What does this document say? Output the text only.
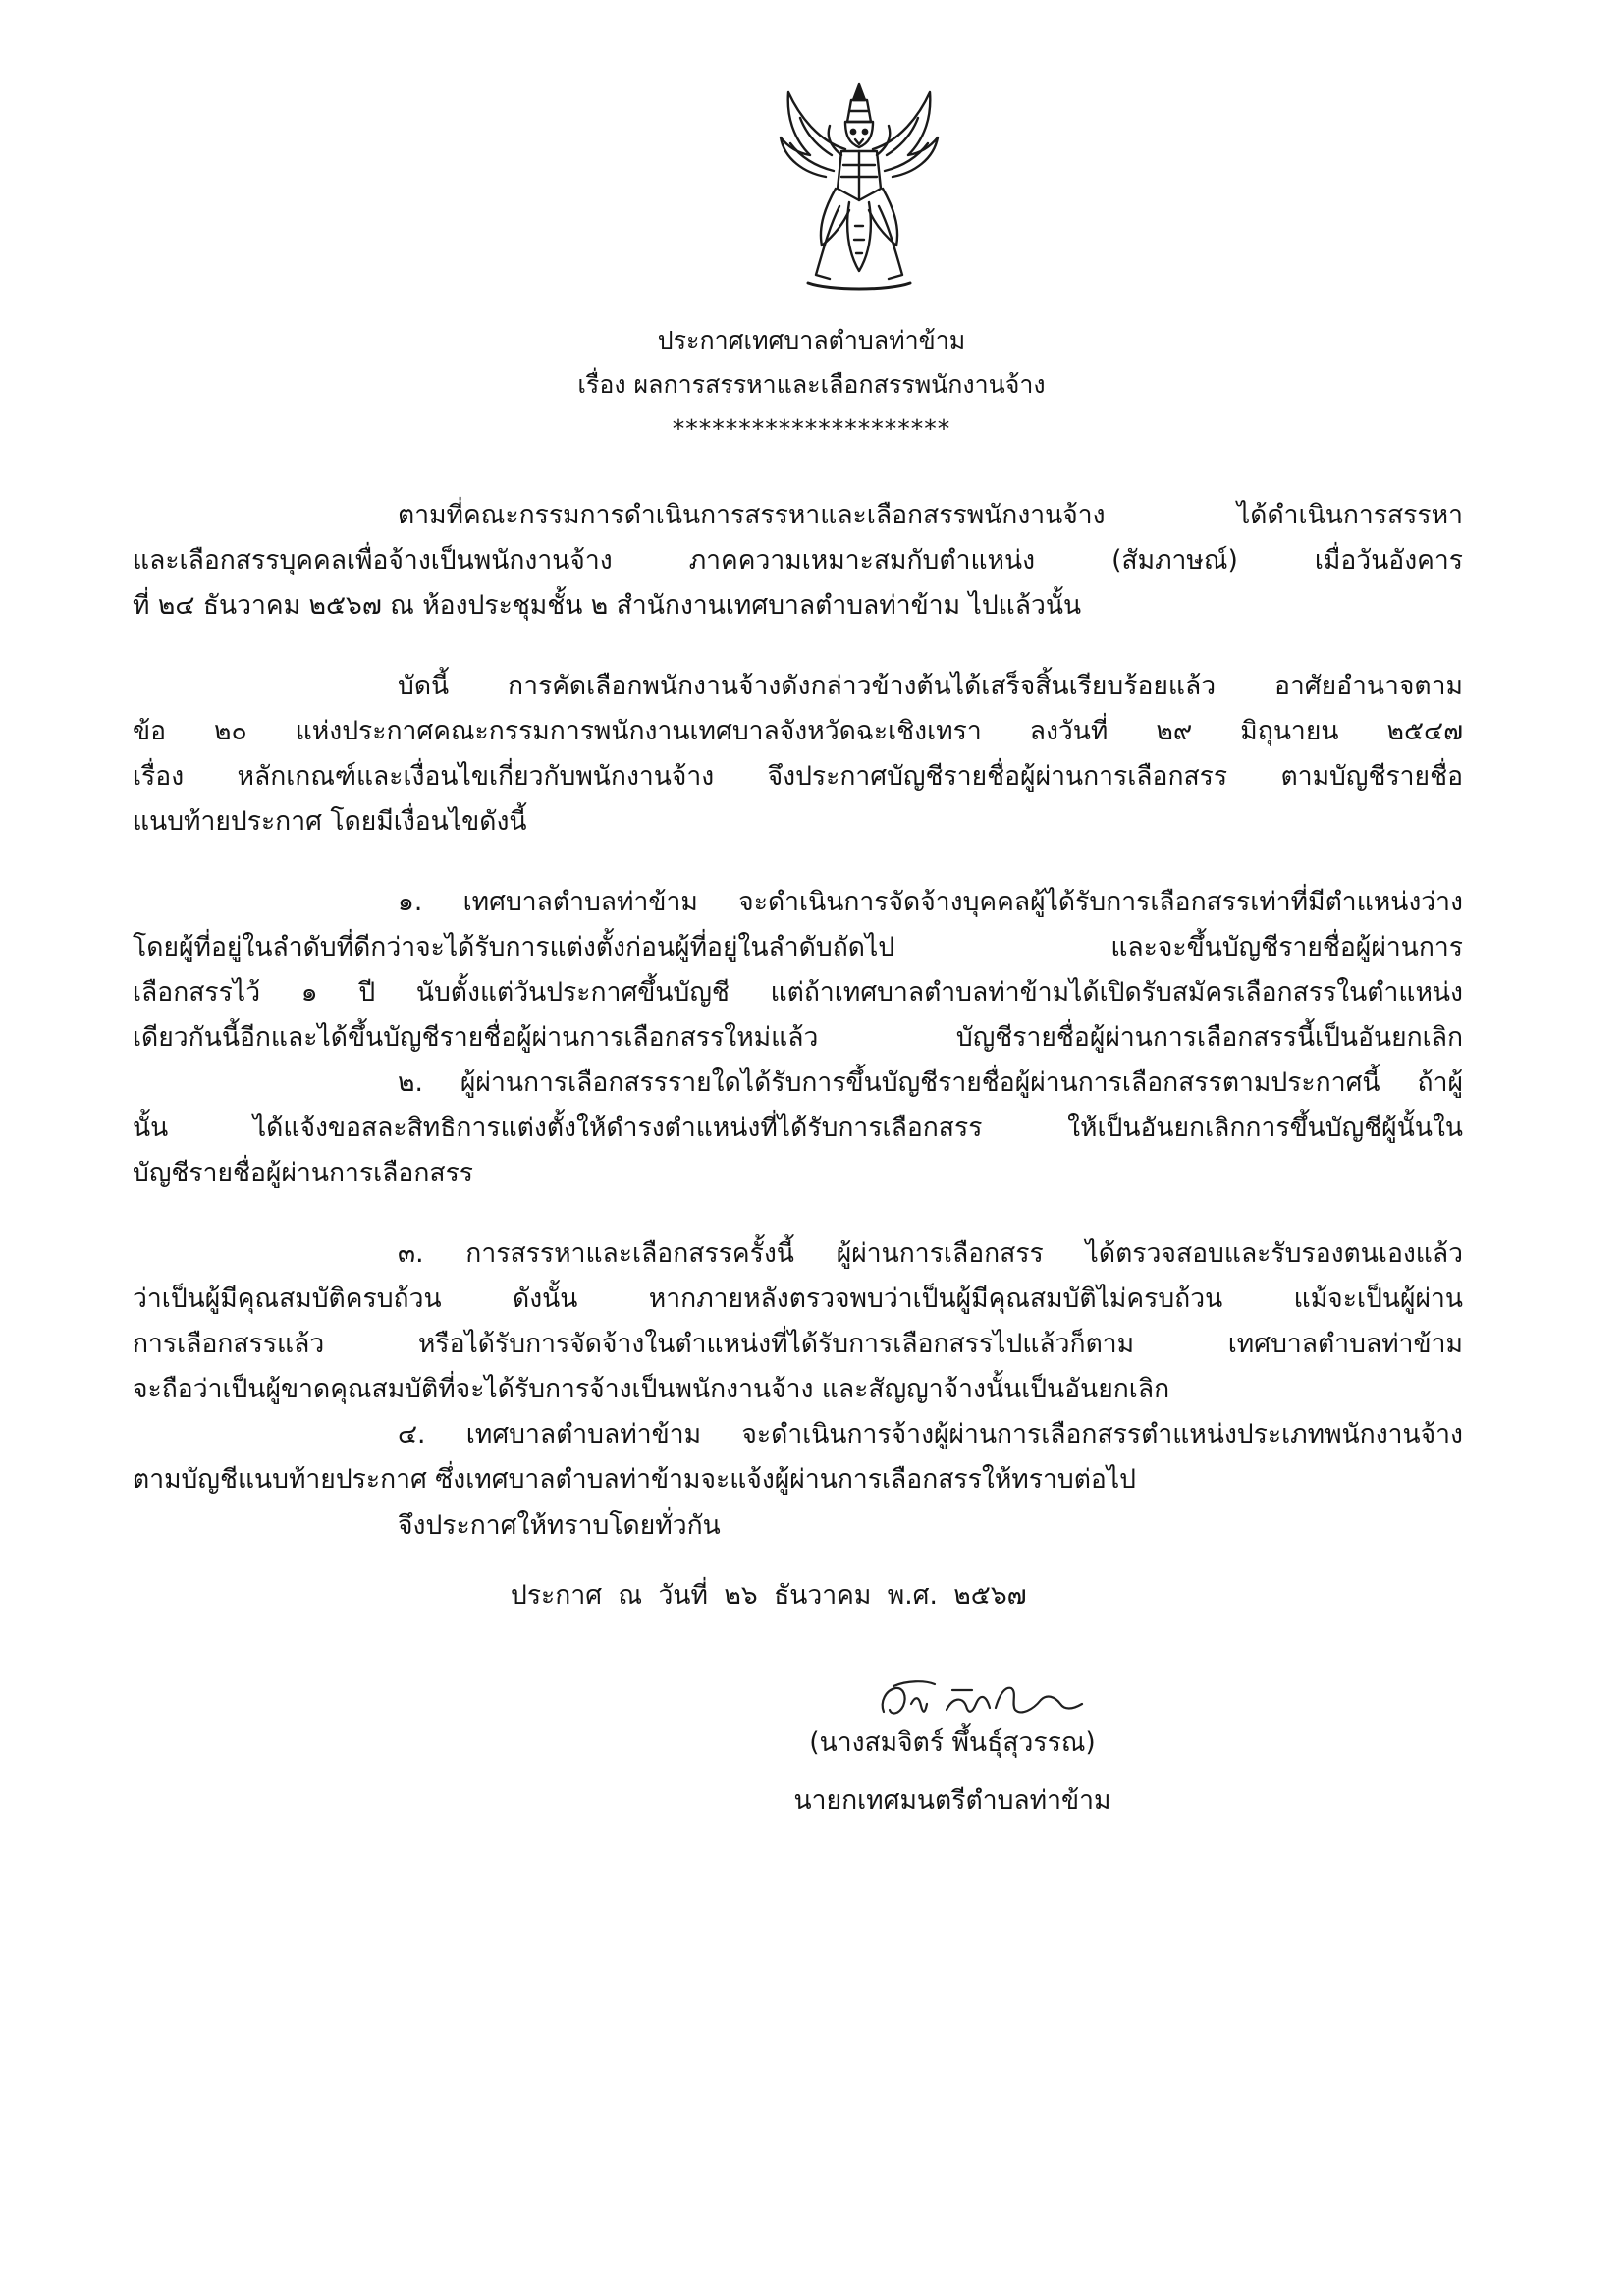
ประกาศเทศบาลตำบลท่าข้าม
เรื่อง ผลการสรรหาและเลือกสรรพนักงานจ้าง
*********************

ตามที่คณะกรรมการดำเนินการสรรหาและเลือกสรรพนักงานจ้าง ได้ดำเนินการสรรหา

และเลือกสรรบุคคลเพื่อจ้างเป็นพนักงานจ้าง ภาคความเหมาะสมกับตำแหน่ง (สัมภาษณ์) เมื่อวันอังคาร

ที่ ๒๔ ธันวาคม ๒๕๖๗ ณ ห้องประชุมชั้น ๒ สำนักงานเทศบาลตำบลท่าข้าม ไปแล้วนั้น

บัดนี้ การคัดเลือกพนักงานจ้างดังกล่าวข้างต้นได้เสร็จสิ้นเรียบร้อยแล้ว อาศัยอำนาจตาม

ข้อ ๒๐ แห่งประกาศคณะกรรมการพนักงานเทศบาลจังหวัดฉะเชิงเทรา ลงวันที่ ๒๙ มิถุนายน ๒๕๔๗

เรื่อง หลักเกณฑ์และเงื่อนไขเกี่ยวกับพนักงานจ้าง จึงประกาศบัญชีรายชื่อผู้ผ่านการเลือกสรร ตามบัญชีรายชื่อ

แนบท้ายประกาศ โดยมีเงื่อนไขดังนี้

๑. เทศบาลตำบลท่าข้าม จะดำเนินการจัดจ้างบุคคลผู้ได้รับการเลือกสรรเท่าที่มีตำแหน่งว่าง

โดยผู้ที่อยู่ในลำดับที่ดีกว่าจะได้รับการแต่งตั้งก่อนผู้ที่อยู่ในลำดับถัดไป และจะขึ้นบัญชีรายชื่อผู้ผ่านการ

เลือกสรรไว้ ๑ ปี นับตั้งแต่วันประกาศขึ้นบัญชี แต่ถ้าเทศบาลตำบลท่าข้ามได้เปิดรับสมัครเลือกสรรในตำแหน่ง

เดียวกันนี้อีกและได้ขึ้นบัญชีรายชื่อผู้ผ่านการเลือกสรรใหม่แล้ว บัญชีรายชื่อผู้ผ่านการเลือกสรรนี้เป็นอันยกเลิก

๒. ผู้ผ่านการเลือกสรรรายใดได้รับการขึ้นบัญชีรายชื่อผู้ผ่านการเลือกสรรตามประกาศนี้ ถ้าผู้

นั้น ได้แจ้งขอสละสิทธิการแต่งตั้งให้ดำรงตำแหน่งที่ได้รับการเลือกสรร ให้เป็นอันยกเลิกการขึ้นบัญชีผู้นั้นใน

บัญชีรายชื่อผู้ผ่านการเลือกสรร

๓. การสรรหาและเลือกสรรครั้งนี้ ผู้ผ่านการเลือกสรร ได้ตรวจสอบและรับรองตนเองแล้ว

ว่าเป็นผู้มีคุณสมบัติครบถ้วน ดังนั้น หากภายหลังตรวจพบว่าเป็นผู้มีคุณสมบัติไม่ครบถ้วน แม้จะเป็นผู้ผ่าน

การเลือกสรรแล้ว หรือได้รับการจัดจ้างในตำแหน่งที่ได้รับการเลือกสรรไปแล้วก็ตาม เทศบาลตำบลท่าข้าม

จะถือว่าเป็นผู้ขาดคุณสมบัติที่จะได้รับการจ้างเป็นพนักงานจ้าง และสัญญาจ้างนั้นเป็นอันยกเลิก

๔. เทศบาลตำบลท่าข้าม จะดำเนินการจ้างผู้ผ่านการเลือกสรรตำแหน่งประเภทพนักงานจ้าง

ตามบัญชีแนบท้ายประกาศ ซึ่งเทศบาลตำบลท่าข้ามจะแจ้งผู้ผ่านการเลือกสรรให้ทราบต่อไป

จึงประกาศให้ทราบโดยทั่วกัน
ประกาศ ณ วันที่ ๒๖ ธันวาคม พ.ศ. ๒๕๖๗
(นางสมจิตร์ พึ้นธุ์สุวรรณ)
นายกเทศมนตรีตำบลท่าข้าม
